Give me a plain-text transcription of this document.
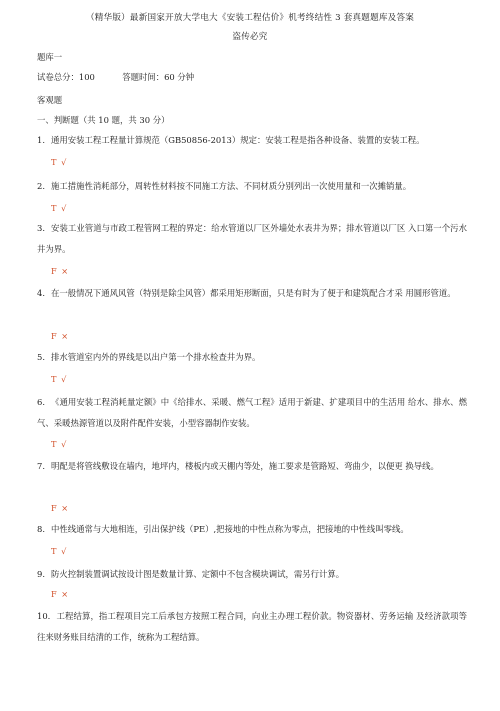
（精华版）最新国家开放大学电大《安装工程估价》机考终结性 3 套真题题库及答案
盗传必究
题库一
试卷总分：100	答题时间：60 分钟
客观题
一、判断题（共 10 题，共 30 分）
1. 通用安装工程工程量计算规范（GB50856-2013）规定：安装工程是指各种设备、装置的安装工程。
T √
2. 施工措施性消耗部分，周转性材料按不同施工方法、不同材质分别列出一次使用量和一次摊销量。
T √
3. 安装工业管道与市政工程管网工程的界定：给水管道以厂区外墙处水表井为界；排水管道以厂区 入口第一个污水井为界。
F ×
4. 在一般情况下通风风管（特别是除尘风管）都采用矩形断面，只是有时为了便于和建筑配合才采 用圆形管道。
F ×
5. 排水管道室内外的界线是以出户第一个排水检查井为界。
T √
6. 《通用安装工程消耗量定额》中《给排水、采暖、燃气工程》适用于新建、扩建项目中的生活用 给水、排水、燃气、采暖热源管道以及附件配件安装，小型容器制作安装。
T √
7. 明配是将管线敷设在墙内，地坪内，楼板内或天棚内等处，施工要求是管路短、弯曲少，以便更 换导线。
F ×
8. 中性线通常与大地相连，引出保护线（PE）,把接地的中性点称为零点，把接地的中性线叫零线。
T √
9. 防火控制装置调试按设计图是数量计算、定额中不包含模块调试，需另行计算。
F ×
10. 工程结算，指工程项目完工后承包方按照工程合同，向业主办理工程价款。物资器材、劳务运输 及经济款项等往来财务账目结清的工作，统称为工程结算。
